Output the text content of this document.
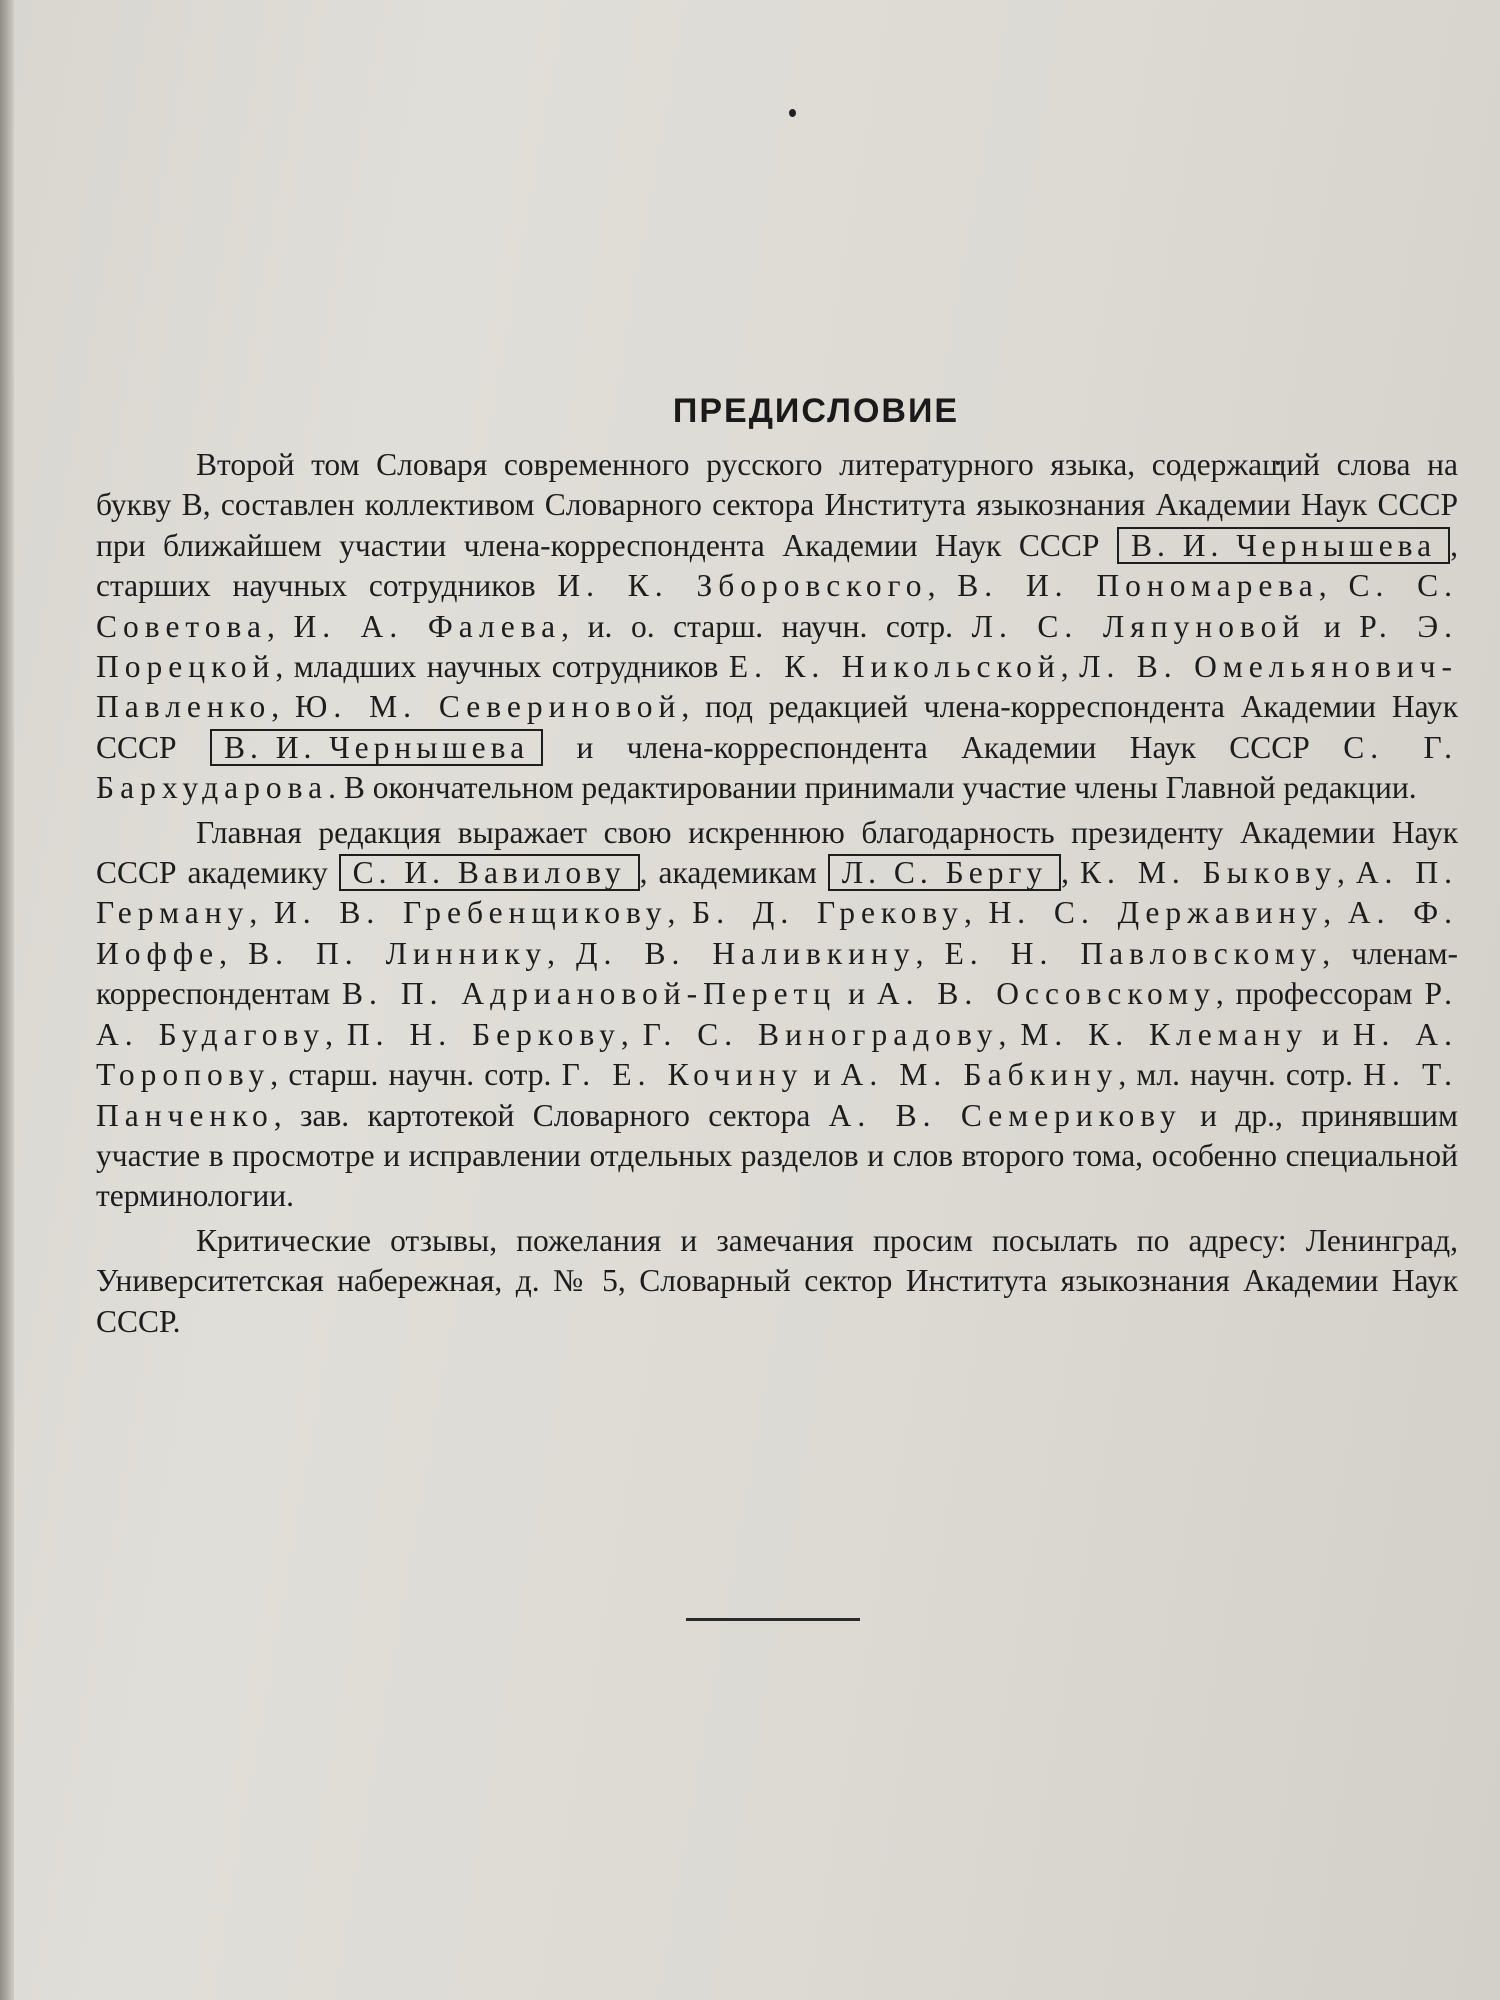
ПРЕДИСЛОВИЕ

Второй том Словаря современного русского литературного языка, содержащий слова на букву В, составлен коллективом Словарного сектора Института языкознания Академии Наук СССР при ближайшем участии члена-корреспондента Академии Наук СССР В. И. Чернышева , старших научных сотрудников И. К. Зборовского, В. И. Пономарева, С. С. Советова, И. А. Фалева, и. о. старш. научн. сотр. Л. С. Ляпуновой и Р. Э. Порецкой, младших научных сотрудников Е. К. Никольской, Л. В. Омельянович-Павленко, Ю. М. Севериновой, под редакцией члена-корреспондента Академии Наук СССР В. И. Чернышева и члена-корреспондента Академии Наук СССР С. Г. Бархударова. В окончательном редактировании принимали участие члены Главной редакции.

Главная редакция выражает свою искреннюю благодарность президенту Академии Наук СССР академику С. И. Вавилову , академикам Л. С. Бергу , К. М. Быкову, А. П. Герману, И. В. Гребенщикову, Б. Д. Грекову, Н. С. Державину, А. Ф. Иоффе, В. П. Линнику, Д. В. Наливкину, Е. Н. Павловскому, членам-корреспондентам В. П. Адриановой-Перетц и А. В. Оссовскому, профессорам Р. А. Будагову, П. Н. Беркову, Г. С. Виноградову, М. К. Клеману и Н. А. Торопову, старш. научн. сотр. Г. Е. Кочину и А. М. Бабкину, мл. научн. сотр. Н. Т. Панченко, зав. картотекой Словарного сектора А. В. Семерикову и др., принявшим участие в просмотре и исправлении отдельных разделов и слов второго тома, особенно специальной терминологии.

Критические отзывы, пожелания и замечания просим посылать по адресу: Ленинград, Университетская набережная, д. № 5, Словарный сектор Института языкознания Академии Наук СССР.
